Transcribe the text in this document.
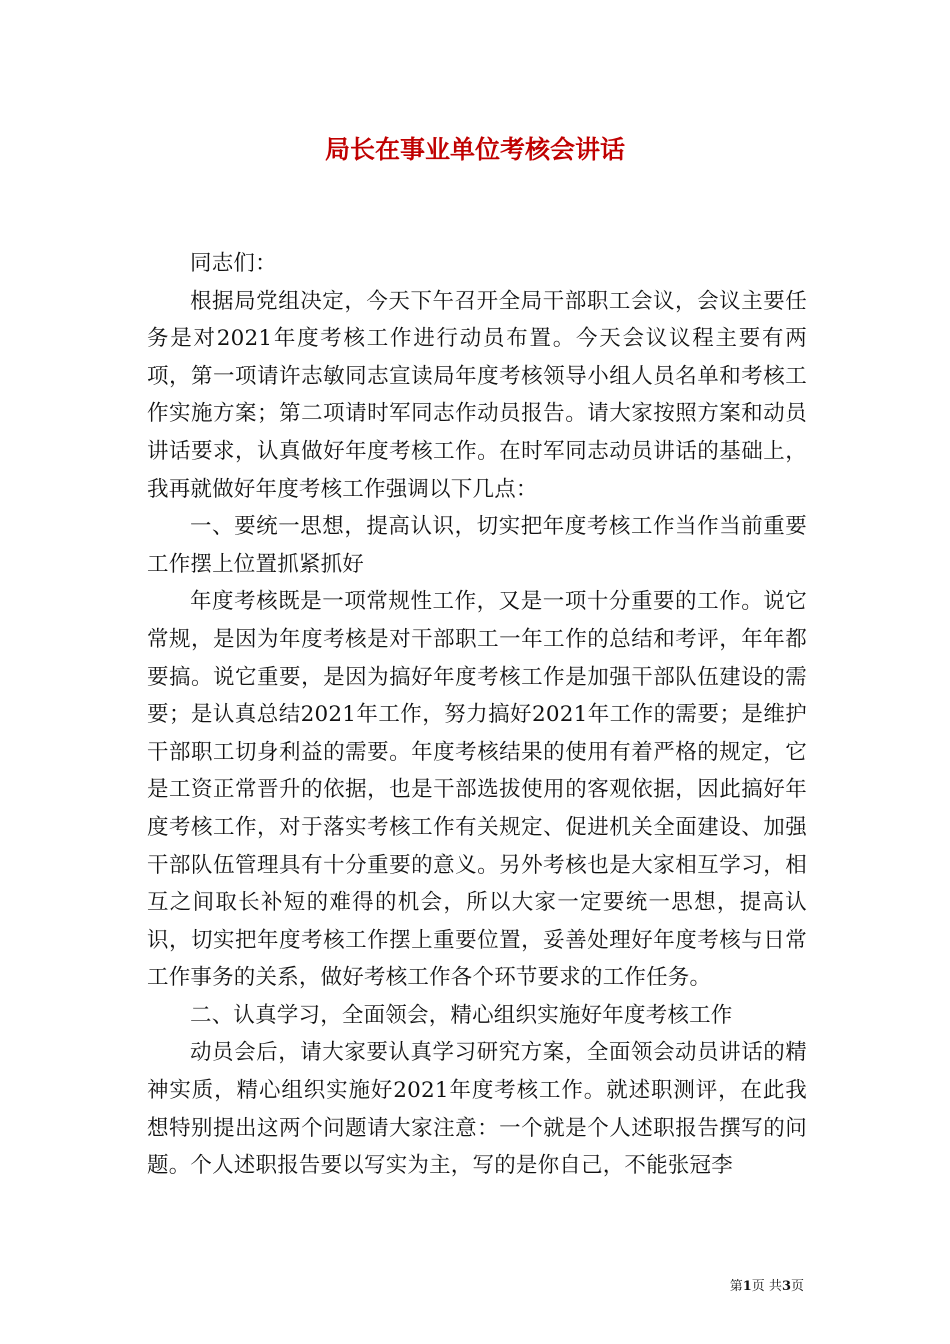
局长在事业单位考核会讲话

同志们：

根据局党组决定，今天下午召开全局干部职工会议，会议主要任务是对2021年度考核工作进行动员布置。今天会议议程主要有两项，第一项请许志敏同志宣读局年度考核领导小组人员名单和考核工作实施方案；第二项请时军同志作动员报告。请大家按照方案和动员讲话要求，认真做好年度考核工作。在时军同志动员讲话的基础上，我再就做好年度考核工作强调以下几点：

一、要统一思想，提高认识，切实把年度考核工作当作当前重要工作摆上位置抓紧抓好

年度考核既是一项常规性工作，又是一项十分重要的工作。说它常规，是因为年度考核是对干部职工一年工作的总结和考评，年年都要搞。说它重要，是因为搞好年度考核工作是加强干部队伍建设的需要；是认真总结2021年工作，努力搞好2021年工作的需要；是维护干部职工切身利益的需要。年度考核结果的使用有着严格的规定，它是工资正常晋升的依据，也是干部选拔使用的客观依据，因此搞好年度考核工作，对于落实考核工作有关规定、促进机关全面建设、加强干部队伍管理具有十分重要的意义。另外考核也是大家相互学习，相互之间取长补短的难得的机会，所以大家一定要统一思想，提高认识，切实把年度考核工作摆上重要位置，妥善处理好年度考核与日常工作事务的关系，做好考核工作各个环节要求的工作任务。

二、认真学习，全面领会，精心组织实施好年度考核工作

动员会后，请大家要认真学习研究方案，全面领会动员讲话的精神实质，精心组织实施好2021年度考核工作。就述职测评，在此我想特别提出这两个问题请大家注意：一个就是个人述职报告撰写的问题。个人述职报告要以写实为主，写的是你自己，不能张冠李

第1页 共3页
